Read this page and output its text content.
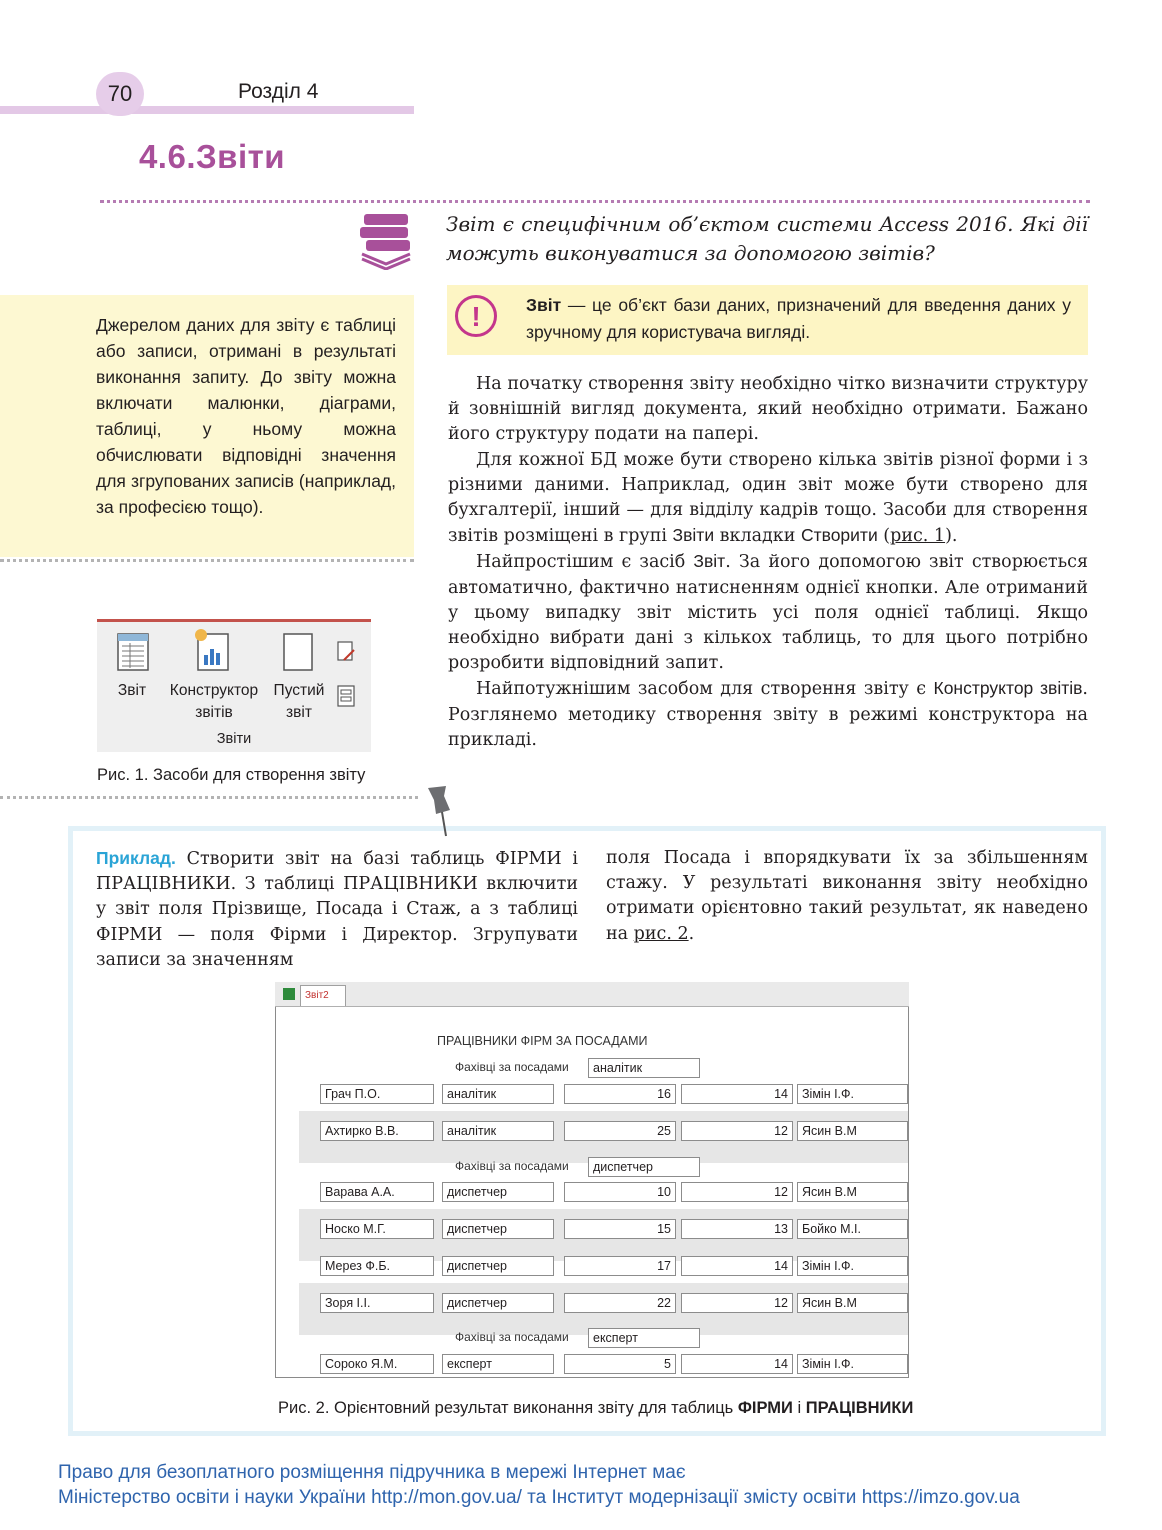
70	Розділ 4
4.6.Звіти
Звіт є специфічним об’єктом системи Access 2016. Які дії можуть виконуватися за допомогою звітів?
Джерелом даних для звіту є таблиці або записи, отримані в результаті виконання запиту. До звіту можна включати малюнки, діаграми, таблиці, у ньому можна обчислювати відповідні значення для згрупованих записів (наприклад, за професією тощо).
!	Звіт — це об’єкт бази даних, призначений для введення даних у зручному для користувача вигляді.

На початку створення звіту необхідно чітко визначити структуру й зовнішній вигляд документа, який необхідно отримати. Бажано його структуру подати на папері.

Для кожної БД може бути створено кілька звітів різної форми і з різними даними. Наприклад, один звіт може бути створено для бухгалтерії, інший — для відділу кадрів тощо. Засоби для створення звітів розміщені в групі Звіти вкладки Створити (рис. 1).

Найпростішим є засіб Звіт. За його допомогою звіт створюється автоматично, фактично натисненням однієї кнопки. Але отриманий у цьому випадку звіт містить усі поля однієї таблиці. Якщо необхідно вибрати дані з кількох таблиць, то для цього потрібно розробити відповідний запит.

Найпотужнішим засобом для створення звіту є Конструктор звітів. Розглянемо методику створення звіту в режимі конструктора на прикладі.

Звіт	Конструктор
звітів
Пустий
звіт
Звіти
Рис. 1. Засоби для створення звіту
Приклад. Створити звіт на базі таблиць ФІРМИ і ПРАЦІВНИКИ. З таблиці ПРАЦІВНИКИ включити у звіт поля Прізвище, Посада і Стаж, а з таблиці ФІРМИ — поля Фірми і Директор. Згрупувати записи за значенням
поля Посада і впорядкувати їх за збільшенням стажу. У результаті виконання звіту необхідно отримати орієнтовно такий результат, як наведено на рис. 2.
Звіт2
ПРАЦІВНИКИ ФІРМ ЗА ПОСАДАМИ
Фахівці за посадами	аналітик
Грач П.О.	аналітик	16	14	Зімін І.Ф.
Ахтирко В.В.	аналітик	25	12	Ясин В.М
Фахівці за посадами	диспетчер
Варава А.А.	диспетчер	10	12	Ясин В.М
Носко М.Г.	диспетчер	15	13	Бойко М.І.
Мерез Ф.Б.	диспетчер	17	14	Зімін І.Ф.
Зоря І.І.	диспетчер	22	12	Ясин В.М
Фахівці за посадами	експерт
Сороко Я.М.	експерт	5	14	Зімін І.Ф.
Рис. 2. Орієнтовний результат виконання звіту для таблиць ФІРМИ і ПРАЦІВНИКИ
Право для безоплатного розміщення підручника в мережі Інтернет має
Міністерство освіти і науки України http://mon.gov.ua/ та Інститут модернізації змісту освіти https://imzo.gov.ua
